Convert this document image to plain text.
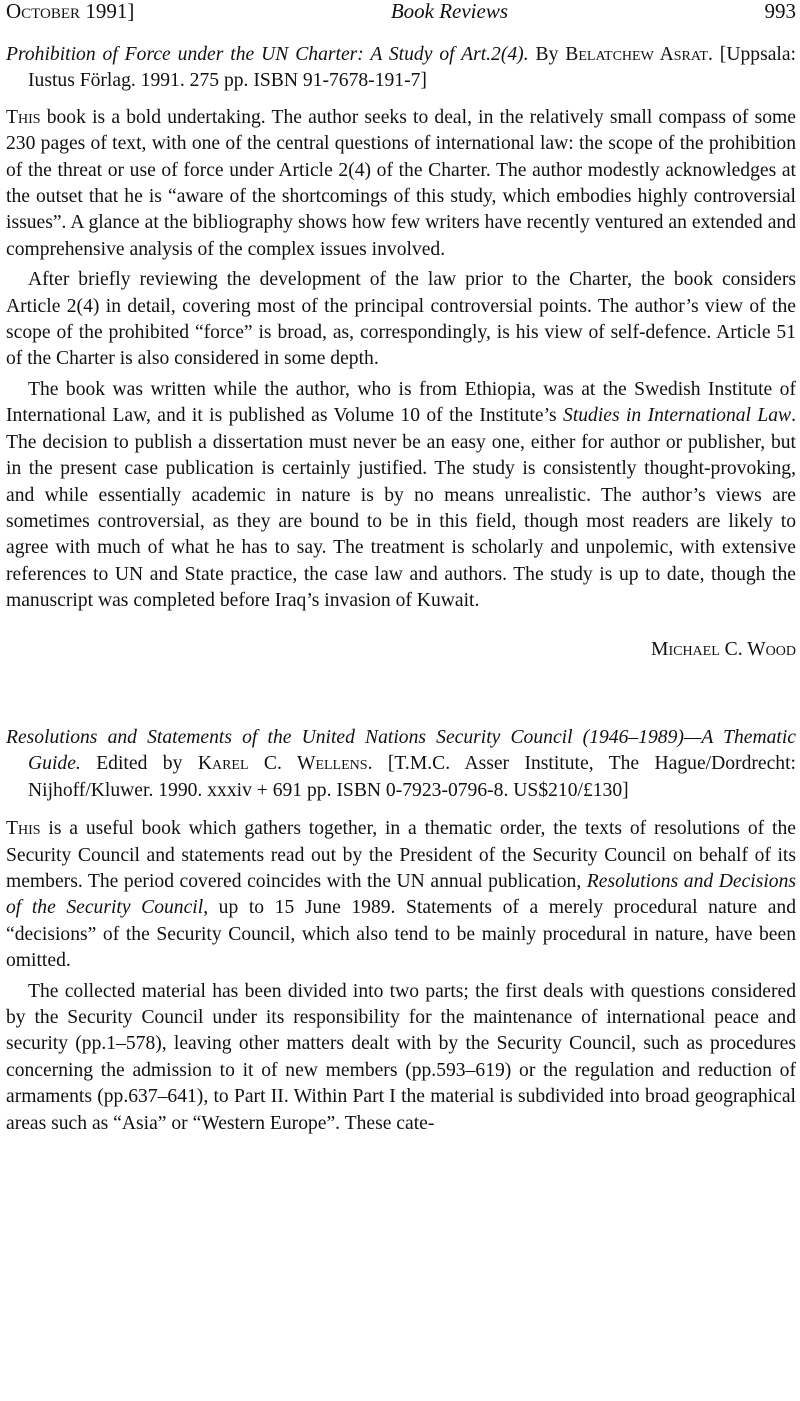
October 1991]	Book Reviews	993
Prohibition of Force under the UN Charter: A Study of Art.2(4). By Belatchew Asrat. [Uppsala: Iustus Förlag. 1991. 275 pp. ISBN 91-7678-191-7]

This book is a bold undertaking. The author seeks to deal, in the relatively small compass of some 230 pages of text, with one of the central questions of international law: the scope of the prohibition of the threat or use of force under Article 2(4) of the Charter. The author modestly acknowledges at the outset that he is “aware of the shortcomings of this study, which embodies highly controversial issues”. A glance at the bibliography shows how few writers have recently ventured an extended and comprehensive analysis of the complex issues involved.

After briefly reviewing the development of the law prior to the Charter, the book considers Article 2(4) in detail, covering most of the principal controversial points. The author’s view of the scope of the prohibited “force” is broad, as, correspondingly, is his view of self-defence. Article 51 of the Charter is also considered in some depth.

The book was written while the author, who is from Ethiopia, was at the Swedish Institute of International Law, and it is published as Volume 10 of the Institute’s Studies in International Law. The decision to publish a dissertation must never be an easy one, either for author or publisher, but in the present case publication is certainly justified. The study is consistently thought-provoking, and while essentially academic in nature is by no means unrealistic. The author’s views are sometimes controversial, as they are bound to be in this field, though most readers are likely to agree with much of what he has to say. The treatment is scholarly and unpolemic, with extensive references to UN and State practice, the case law and authors. The study is up to date, though the manuscript was completed before Iraq’s invasion of Kuwait.

Michael C. Wood
Resolutions and Statements of the United Nations Security Council (1946–1989)—A Thematic Guide. Edited by Karel C. Wellens. [T.M.C. Asser Institute, The Hague/Dordrecht: Nijhoff/Kluwer. 1990. xxxiv + 691 pp. ISBN 0-7923-0796-8. US$210/£130]

This is a useful book which gathers together, in a thematic order, the texts of resolutions of the Security Council and statements read out by the President of the Security Council on behalf of its members. The period covered coincides with the UN annual publication, Resolutions and Decisions of the Security Council, up to 15 June 1989. Statements of a merely procedural nature and “decisions” of the Security Council, which also tend to be mainly procedural in nature, have been omitted.

The collected material has been divided into two parts; the first deals with questions considered by the Security Council under its responsibility for the maintenance of international peace and security (pp.1–578), leaving other matters dealt with by the Security Council, such as procedures concerning the admission to it of new members (pp.593–619) or the regulation and reduction of armaments (pp.637–641), to Part II. Within Part I the material is subdivided into broad geographical areas such as “Asia” or “Western Europe”. These cate-
